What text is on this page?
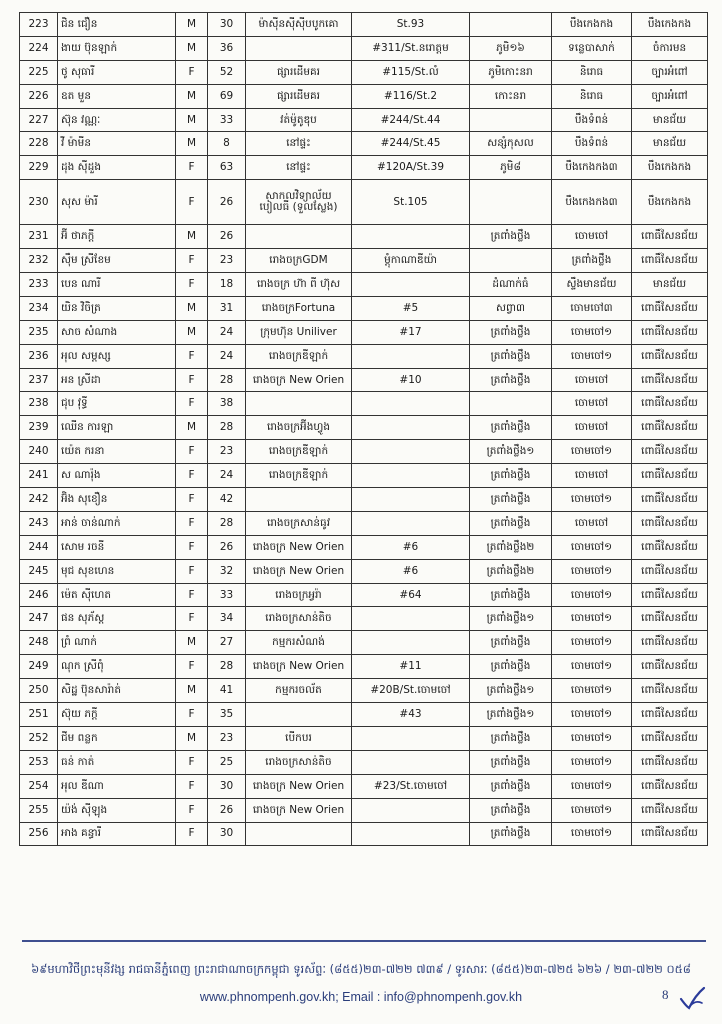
223	ជិន ជឿន	M	30	ម៉ាស៊ីន​ស៊ីសុីបបូកគោ	St.93		បឹងកេងកង	បឹងកេងកង
224	ងាយ ប៊ុនឡាក់	M	36		#311/St.នរោត្តម	ភូមិ១៦	ទន្លេបាសាក់	ចំការមន
225	ថូ សុធារី	F	52	ផ្សារដើមគរ	#115/St.លំ	ភូមិកោះនរា	និរោធ	ច្បារអំពៅ
226	ឧត មួន	M	69	ផ្សារដើមគរ	#116/St.2	កោះនរា	និរោធ	ច្បារអំពៅ
227	ស៊ុន វណ្ណៈ	M	33	វត់ម៉ូតូឌុប	#244/St.44		បឹងទំពន់	មានជ័យ
228	វី ម៉ាមីន	M	8	នៅផ្ទះ	#244/St.45	សន្សំកុសល	បឹងទំពន់	មានជ័យ
229	ដុង ស៊ីដួង	F	63	នៅផ្ទះ	#120A/St.39	ភូមិ៨	បឹងកេងកង៣	បឹងកេងកង
230	សុស ម៉ារី	F	26	សាកលវិទ្យាល័យ បៀលធី (ទួលស្លែង)	St.105		បឹងកេងកង៣	បឹងកេងកង
231	អ៊ី ថាភក្តី	M	26			ត្រពាំងថ្លឹង	ចោមចៅ	ពោធិ៍សែនជ័យ
232	ស៊ឹម ស្រីខែម	F	23	រោងចក្រGDM	ម្តុំកាណាឌីយ៉ា		ត្រពាំងថ្លឹង	ពោធិ៍សែនជ័យ
233	បេន ណារី	F	18	រោងចក្រ ហ៊ា ពី ហ៊ុស		ដំណាក់ធំ	ស្ទឹងមានជ័យ	មានជ័យ
234	យិន វិចិត្រ	M	31	រោងចក្រFortuna	#5	សព្វា៣	ចោមចៅ៣	ពោធិ៍សែនជ័យ
235	សាច សំណាង	M	24	ក្រុមហ៊ុន Uniliver	#17	ត្រពាំងថ្លឹង	ចោមចៅ១	ពោធិ៍សែនជ័យ
236	អុល សម្តស្ស	F	24	រោងចក្រឌីឡាក់		ត្រពាំងថ្លឹង	ចោមចៅ១	ពោធិ៍សែនជ័យ
237	អន ស្រីដា	F	28	រោងចក្រ New Orien	#10	ត្រពាំងថ្លឹង	ចោមចៅ	ពោធិ៍សែនជ័យ
238	ជុប វុទ្ធី	F	38				ចោមចៅ	ពោធិ៍សែនជ័យ
239	ឈើន ការឡា	M	28	រោងចក្រអ៊ីងហ្វូង		ត្រពាំងថ្លឹង	ចោមចៅ	ពោធិ៍សែនជ័យ
240	យ៉េត ករនា	F	23	រោងចក្រឌីឡាក់		ត្រពាំងថ្លឹង១	ចោមចៅ១	ពោធិ៍សែនជ័យ
241	ស ណារ៉ុង	F	24	រោងចក្រឌីឡាក់		ត្រពាំងថ្លឹង	ចោមចៅ	ពោធិ៍សែនជ័យ
242	អ៊ិង សុខឿន	F	42			ត្រពាំងថ្លឹង	ចោមចៅ១	ពោធិ៍សែនជ័យ
243	អាន់ ចាន់ណាក់	F	28	រោងចក្រសាន់ធូវ		ត្រពាំងថ្លឹង	ចោមចៅ	ពោធិ៍សែនជ័យ
244	សោម រចនី	F	26	រោងចក្រ New Orien	#6	ត្រពាំងថ្លឹង២	ចោមចៅ១	ពោធិ៍សែនជ័យ
245	មុជ សុខហេន	F	32	រោងចក្រ New Orien	#6	ត្រពាំងថ្លឹង២	ចោមចៅ១	ពោធិ៍សែនជ័យ
246	ម៉េត ស៊ីហេត	F	33	រោងចក្រអ្វរ៉ា	#64	ត្រពាំងថ្លឹង	ចោមចៅ១	ពោធិ៍សែនជ័យ
247	ផន សុភ័ស្ត	F	34	រោងចក្រសាន់តិច		ត្រពាំងថ្លឹង១	ចោមចៅ១	ពោធិ៍សែនជ័យ
248	ព្រំ ណាក់	M	27	កម្មករសំណង់		ត្រពាំងថ្លឹង	ចោមចៅ១	ពោធិ៍សែនជ័យ
249	ណុក ស្រីពុំ	F	28	រោងចក្រ New Orien	#11	ត្រពាំងថ្លឹង	ចោមចៅ១	ពោធិ៍សែនជ័យ
250	សិដ្ឋ ប៊ុនសារ៉ាត់	M	41	កម្មករចល័ត	#20B/St.ចោមចៅ	ត្រពាំងថ្លឹង១	ចោមចៅ១	ពោធិ៍សែនជ័យ
251	ស៊ុយ ភក្តី	F	35		#43	ត្រពាំងថ្លឹង១	ចោមចៅ១	ពោធិ៍សែនជ័យ
252	ជីម ពន្លក	M	23	បើកបរ		ត្រពាំងថ្លឹង	ចោមចៅ១	ពោធិ៍សែនជ័យ
253	ធន់ កាត់	F	25	រោងចក្រសាន់តិច		ត្រពាំងថ្លឹង	ចោមចៅ១	ពោធិ៍សែនជ័យ
254	អុល ឌីណា	F	30	រោងចក្រ New Orien	#23/St.ចោមចៅ	ត្រពាំងថ្លឹង	ចោមចៅ១	ពោធិ៍សែនជ័យ
255	យ៉ង់ ស៊ីឡុង	F	26	រោងចក្រ New Orien		ត្រពាំងថ្លឹង	ចោមចៅ១	ពោធិ៍សែនជ័យ
256	អាង គន្ធារី	F	30			ត្រពាំងថ្លឹង	ចោមចៅ១	ពោធិ៍សែនជ័យ
៦៩មហាវិថីព្រះមុនីវង្ស រាជធានីភ្នំពេញ ព្រះរាជាណាចក្រកម្ពុជា ទូរស័ព្ទៈ (៨៥៥)២៣-៧២២ ៧៣៩ / ទូរសារៈ (៨៥៥)២៣-៧២៥ ៦២៦ / ២៣-៧២២ ០៥៨
www.phnompenh.gov.kh; Email : info@phnompenh.gov.kh	8
